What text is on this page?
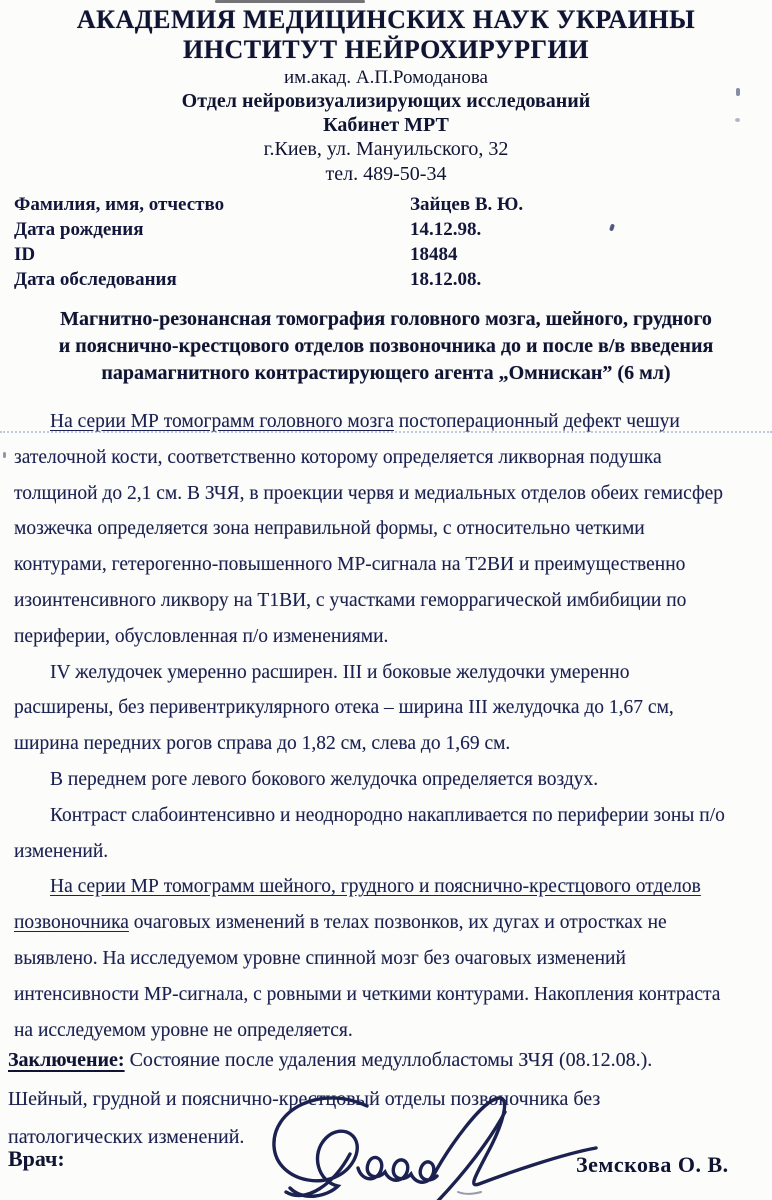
АКАДЕМИЯ МЕДИЦИНСКИХ НАУК УКРАИНЫ
ИНСТИТУТ НЕЙРОХИРУРГИИ
им.акад. А.П.Ромоданова
Отдел нейровизуализирующих исследований
Кабинет МРТ
г.Киев, ул. Мануильского, 32
тел. 489-50-34
Фамилия, имя, отчество	Зайцев В. Ю.
Дата рождения	14.12.98.
ID	18484
Дата обследования	18.12.08.
Магнитно-резонансная томография головного мозга, шейного, грудного
и пояснично-крестцового отделов позвоночника до и после в/в введения
парамагнитного контрастирующего агента „Омнискан” (6 мл)
На серии МР томограмм головного мозга постоперационный дефект чешуи
зателочной кости, соответственно которому определяется ликворная подушка
толщиной до 2,1 см. В ЗЧЯ, в проекции червя и медиальных отделов обеих гемисфер
мозжечка определяется зона неправильной формы, с относительно четкими
контурами, гетерогенно-повышенного МР-сигнала на Т2ВИ и преимущественно
изоинтенсивного ликвору на Т1ВИ, с участками геморрагической имбибиции по
периферии, обусловленная п/о изменениями.
IV желудочек умеренно расширен. III и боковые желудочки умеренно
расширены, без перивентрикулярного отека – ширина III желудочка до 1,67 см,
ширина передних рогов справа до 1,82 см, слева до 1,69 см.
В переднем роге левого бокового желудочка определяется воздух.
Контраст слабоинтенсивно и неоднородно накапливается по периферии зоны п/о
изменений.
На серии МР томограмм шейного, грудного и пояснично-крестцового отделов
позвоночника очаговых изменений в телах позвонков, их дугах и отростках не
выявлено. На исследуемом уровне спинной мозг без очаговых изменений
интенсивности МР-сигнала, с ровными и четкими контурами. Накопления контраста
на исследуемом уровне не определяется.
Заключение: Состояние после удаления медуллобластомы ЗЧЯ (08.12.08.).
Шейный, грудной и пояснично-крестцовый отделы позвоночника без
патологических изменений.
Врач:	Земскова О. В.
